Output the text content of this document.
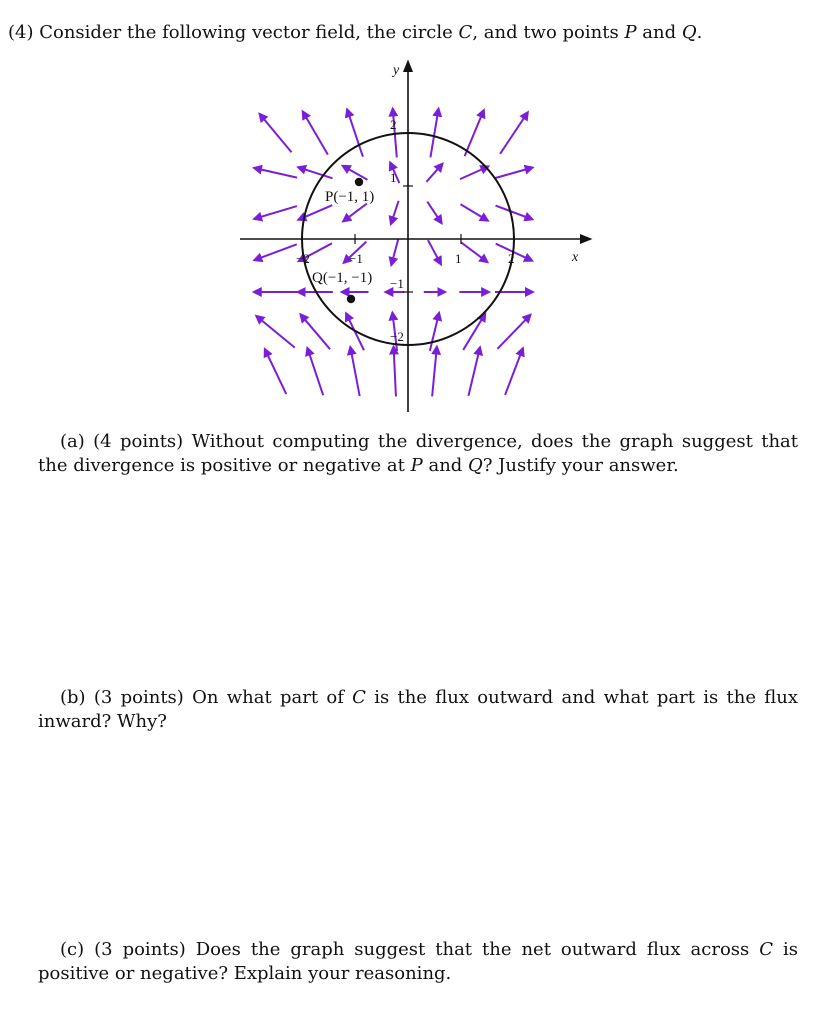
(4) Consider the following vector field, the circle C, and two points P and Q.
−2	−1	1	2
2
1
−1
−2
x
y
P(−1, 1)
Q(−1, −1)
(a) (4 points) Without computing the divergence, does the graph suggest that the divergence is positive or negative at P and Q? Justify your answer.
(b) (3 points) On what part of C is the flux outward and what part is the flux inward? Why?
(c) (3 points) Does the graph suggest that the net outward flux across C is positive or negative? Explain your reasoning.
